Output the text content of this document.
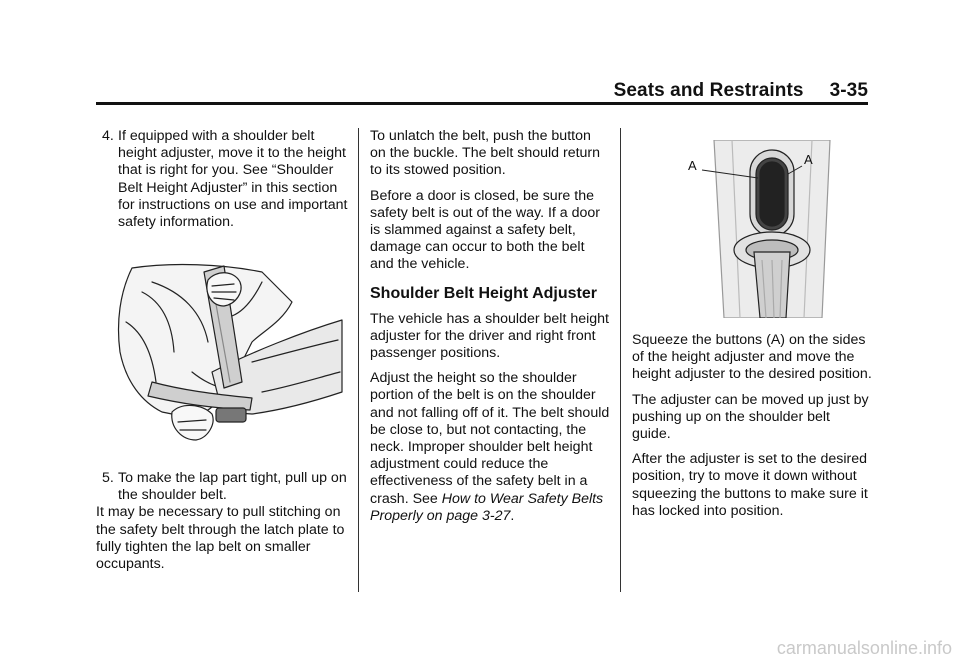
Seats and Restraints 3-35
4. If equipped with a shoulder belt height adjuster, move it to the height that is right for you. See “Shoulder Belt Height Adjuster” in this section for instructions on use and important safety information.
5. To make the lap part tight, pull up on the shoulder belt.

It may be necessary to pull stitching on the safety belt through the latch plate to fully tighten the lap belt on smaller occupants.

To unlatch the belt, push the button on the buckle. The belt should return to its stowed position.

Before a door is closed, be sure the safety belt is out of the way. If a door is slammed against a safety belt, damage can occur to both the belt and the vehicle.

Shoulder Belt Height Adjuster

The vehicle has a shoulder belt height adjuster for the driver and right front passenger positions.

Adjust the height so the shoulder portion of the belt is on the shoulder and not falling off of it. The belt should be close to, but not contacting, the neck. Improper shoulder belt height adjustment could reduce the effectiveness of the safety belt in a crash. See How to Wear Safety Belts Properly on page 3-27.

A	A

Squeeze the buttons (A) on the sides of the height adjuster and move the height adjuster to the desired position.

The adjuster can be moved up just by pushing up on the shoulder belt guide.

After the adjuster is set to the desired position, try to move it down without squeezing the buttons to make sure it has locked into position.

carmanualsonline.info
